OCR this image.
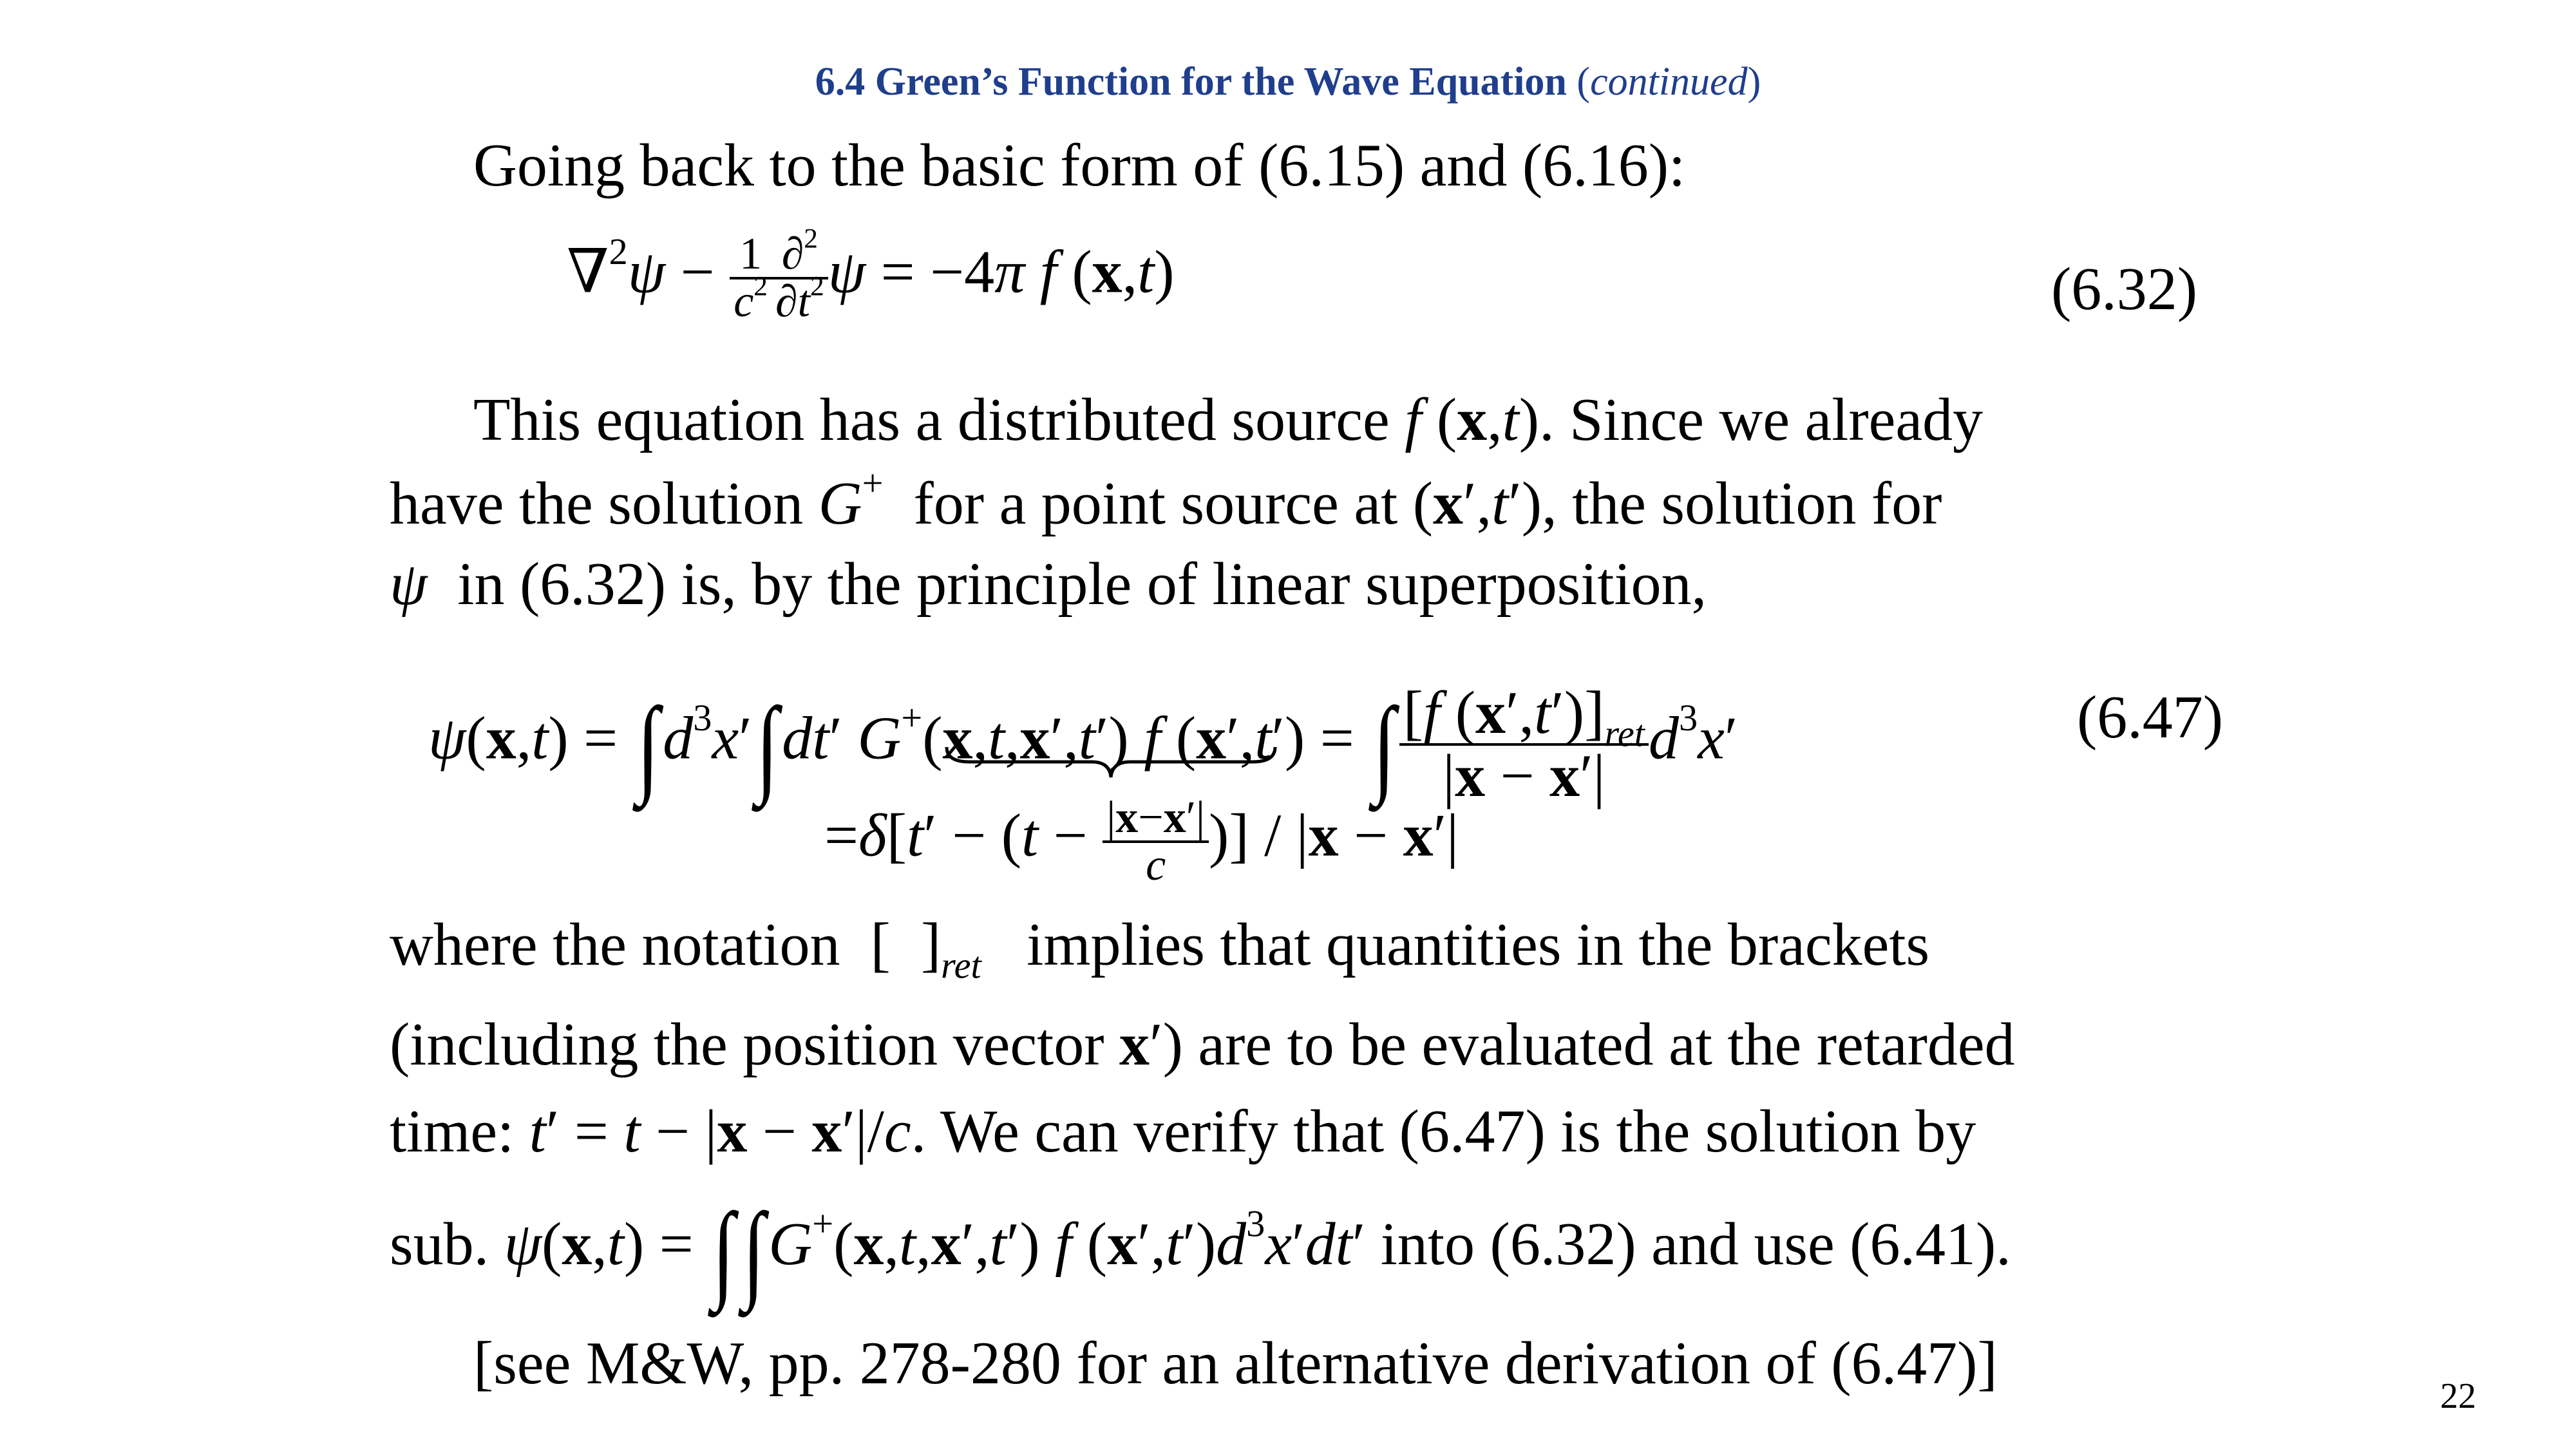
6.4 Green’s Function for the Wave Equation (continued)
Going back to the basic form of (6.15) and (6.16):
$\nabla^2\psi - \frac{1}{c^2} \frac{\partial^2}{\partial t^2}$ ψ = −4π f (x,t)	(6.32)
This equation has a distributed source f (x,t). Since we already
have the solution G+ for a point source at (x′,t′), the solution for
ψ in (6.32) is, by the principle of linear superposition,
$\psi(x,t) = \int d^3x'\int dt'$ G+(x,t,x′,t′) f (x′,t′) = ∫ $\frac{[f (x',t')]_{ret}}{|x - x'|} d^3x'$	(6.47)
$=\delta[t' - (t - \frac{|x-x'|}{c}$ )] / |x − x′|
where the notation  [  ]$_{ret}$ implies that quantities in the brackets
(including the position vector x′) are to be evaluated at the retarded
time: t′ = t − |x − x′|/c. We can verify that (6.47) is the solution by
sub. ψ(x,t) = ∫∫G+(x,t,x′,t′) f $(x',t')d^3x'dt'$ into (6.32) and use (6.41).
[see M&W, pp. 278-280 for an alternative derivation of (6.47)]	22
